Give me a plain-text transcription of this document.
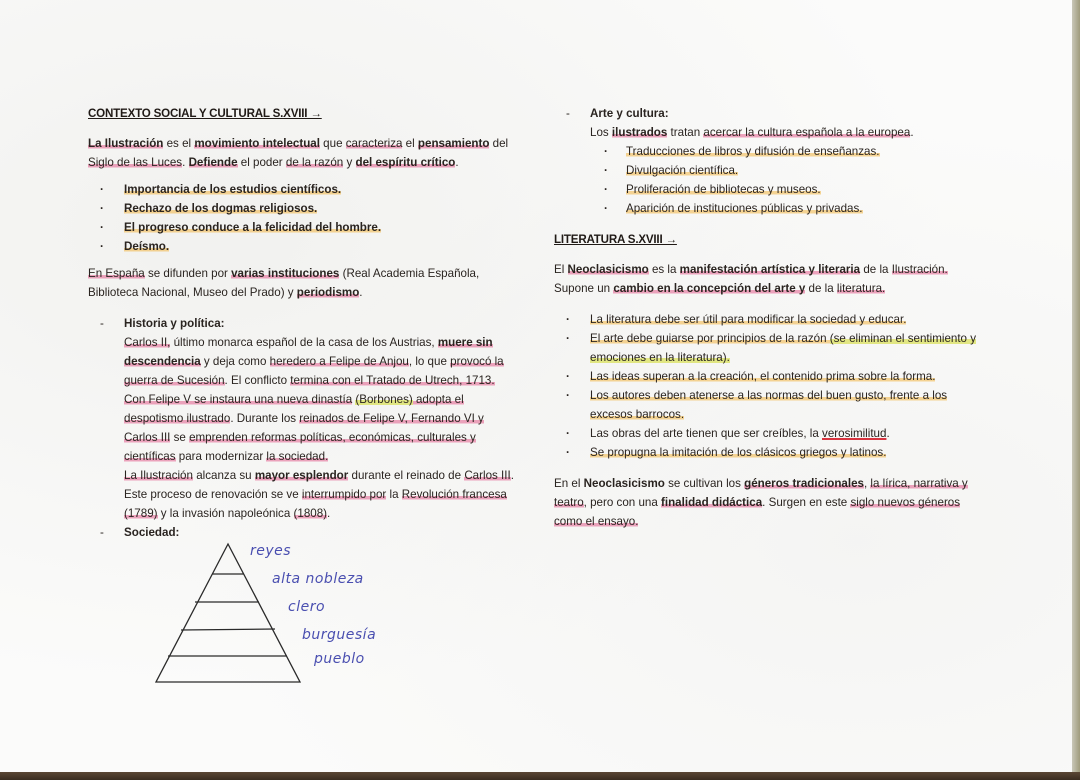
CONTEXTO SOCIAL Y CULTURAL S.XVIII →

La Ilustración es el movimiento intelectual que caracteriza el pensamiento del Siglo de las Luces. Defiende el poder de la razón y del espíritu crítico.

· Importancia de los estudios científicos.
· Rechazo de los dogmas religiosos.
· El progreso conduce a la felicidad del hombre.
· Deísmo.

En España se difunden por varias instituciones (Real Academia Española, Biblioteca Nacional, Museo del Prado) y periodismo.

- Historia y política:

Carlos II, último monarca español de la casa de los Austrias, muere sin descendencia y deja como heredero a Felipe de Anjou, lo que provocó la guerra de Sucesión. El conflicto termina con el Tratado de Utrech, 1713.

Con Felipe V se instaura una nueva dinastía (Borbones) adopta el despotismo ilustrado. Durante los reinados de Felipe V, Fernando VI y Carlos III se emprenden reformas políticas, económicas, culturales y científicas para modernizar la sociedad.

La Ilustración alcanza su mayor esplendor durante el reinado de Carlos III. Este proceso de renovación se ve interrumpido por la Revolución francesa (1789) y la invasión napoleónica (1808).

- Sociedad:
reyes
alta nobleza
clero
burguesía
pueblo
- Arte y cultura:

Los ilustrados tratan acercar la cultura española a la europea.

· Traducciones de libros y difusión de enseñanzas.
· Divulgación científica.
· Proliferación de bibliotecas y museos.
· Aparición de instituciones públicas y privadas.
LITERATURA S.XVIII →

El Neoclasicismo es la manifestación artística y literaria de la Ilustración. Supone un cambio en la concepción del arte y de la literatura.

· La literatura debe ser útil para modificar la sociedad y educar.
· El arte debe guiarse por principios de la razón (se eliminan el sentimiento y emociones en la literatura).
· Las ideas superan a la creación, el contenido prima sobre la forma.
· Los autores deben atenerse a las normas del buen gusto, frente a los excesos barrocos.
· Las obras del arte tienen que ser creíbles, la verosimilitud.
· Se propugna la imitación de los clásicos griegos y latinos.

En el Neoclasicismo se cultivan los géneros tradicionales, la lírica, narrativa y teatro, pero con una finalidad didáctica. Surgen en este siglo nuevos géneros como el ensayo.
